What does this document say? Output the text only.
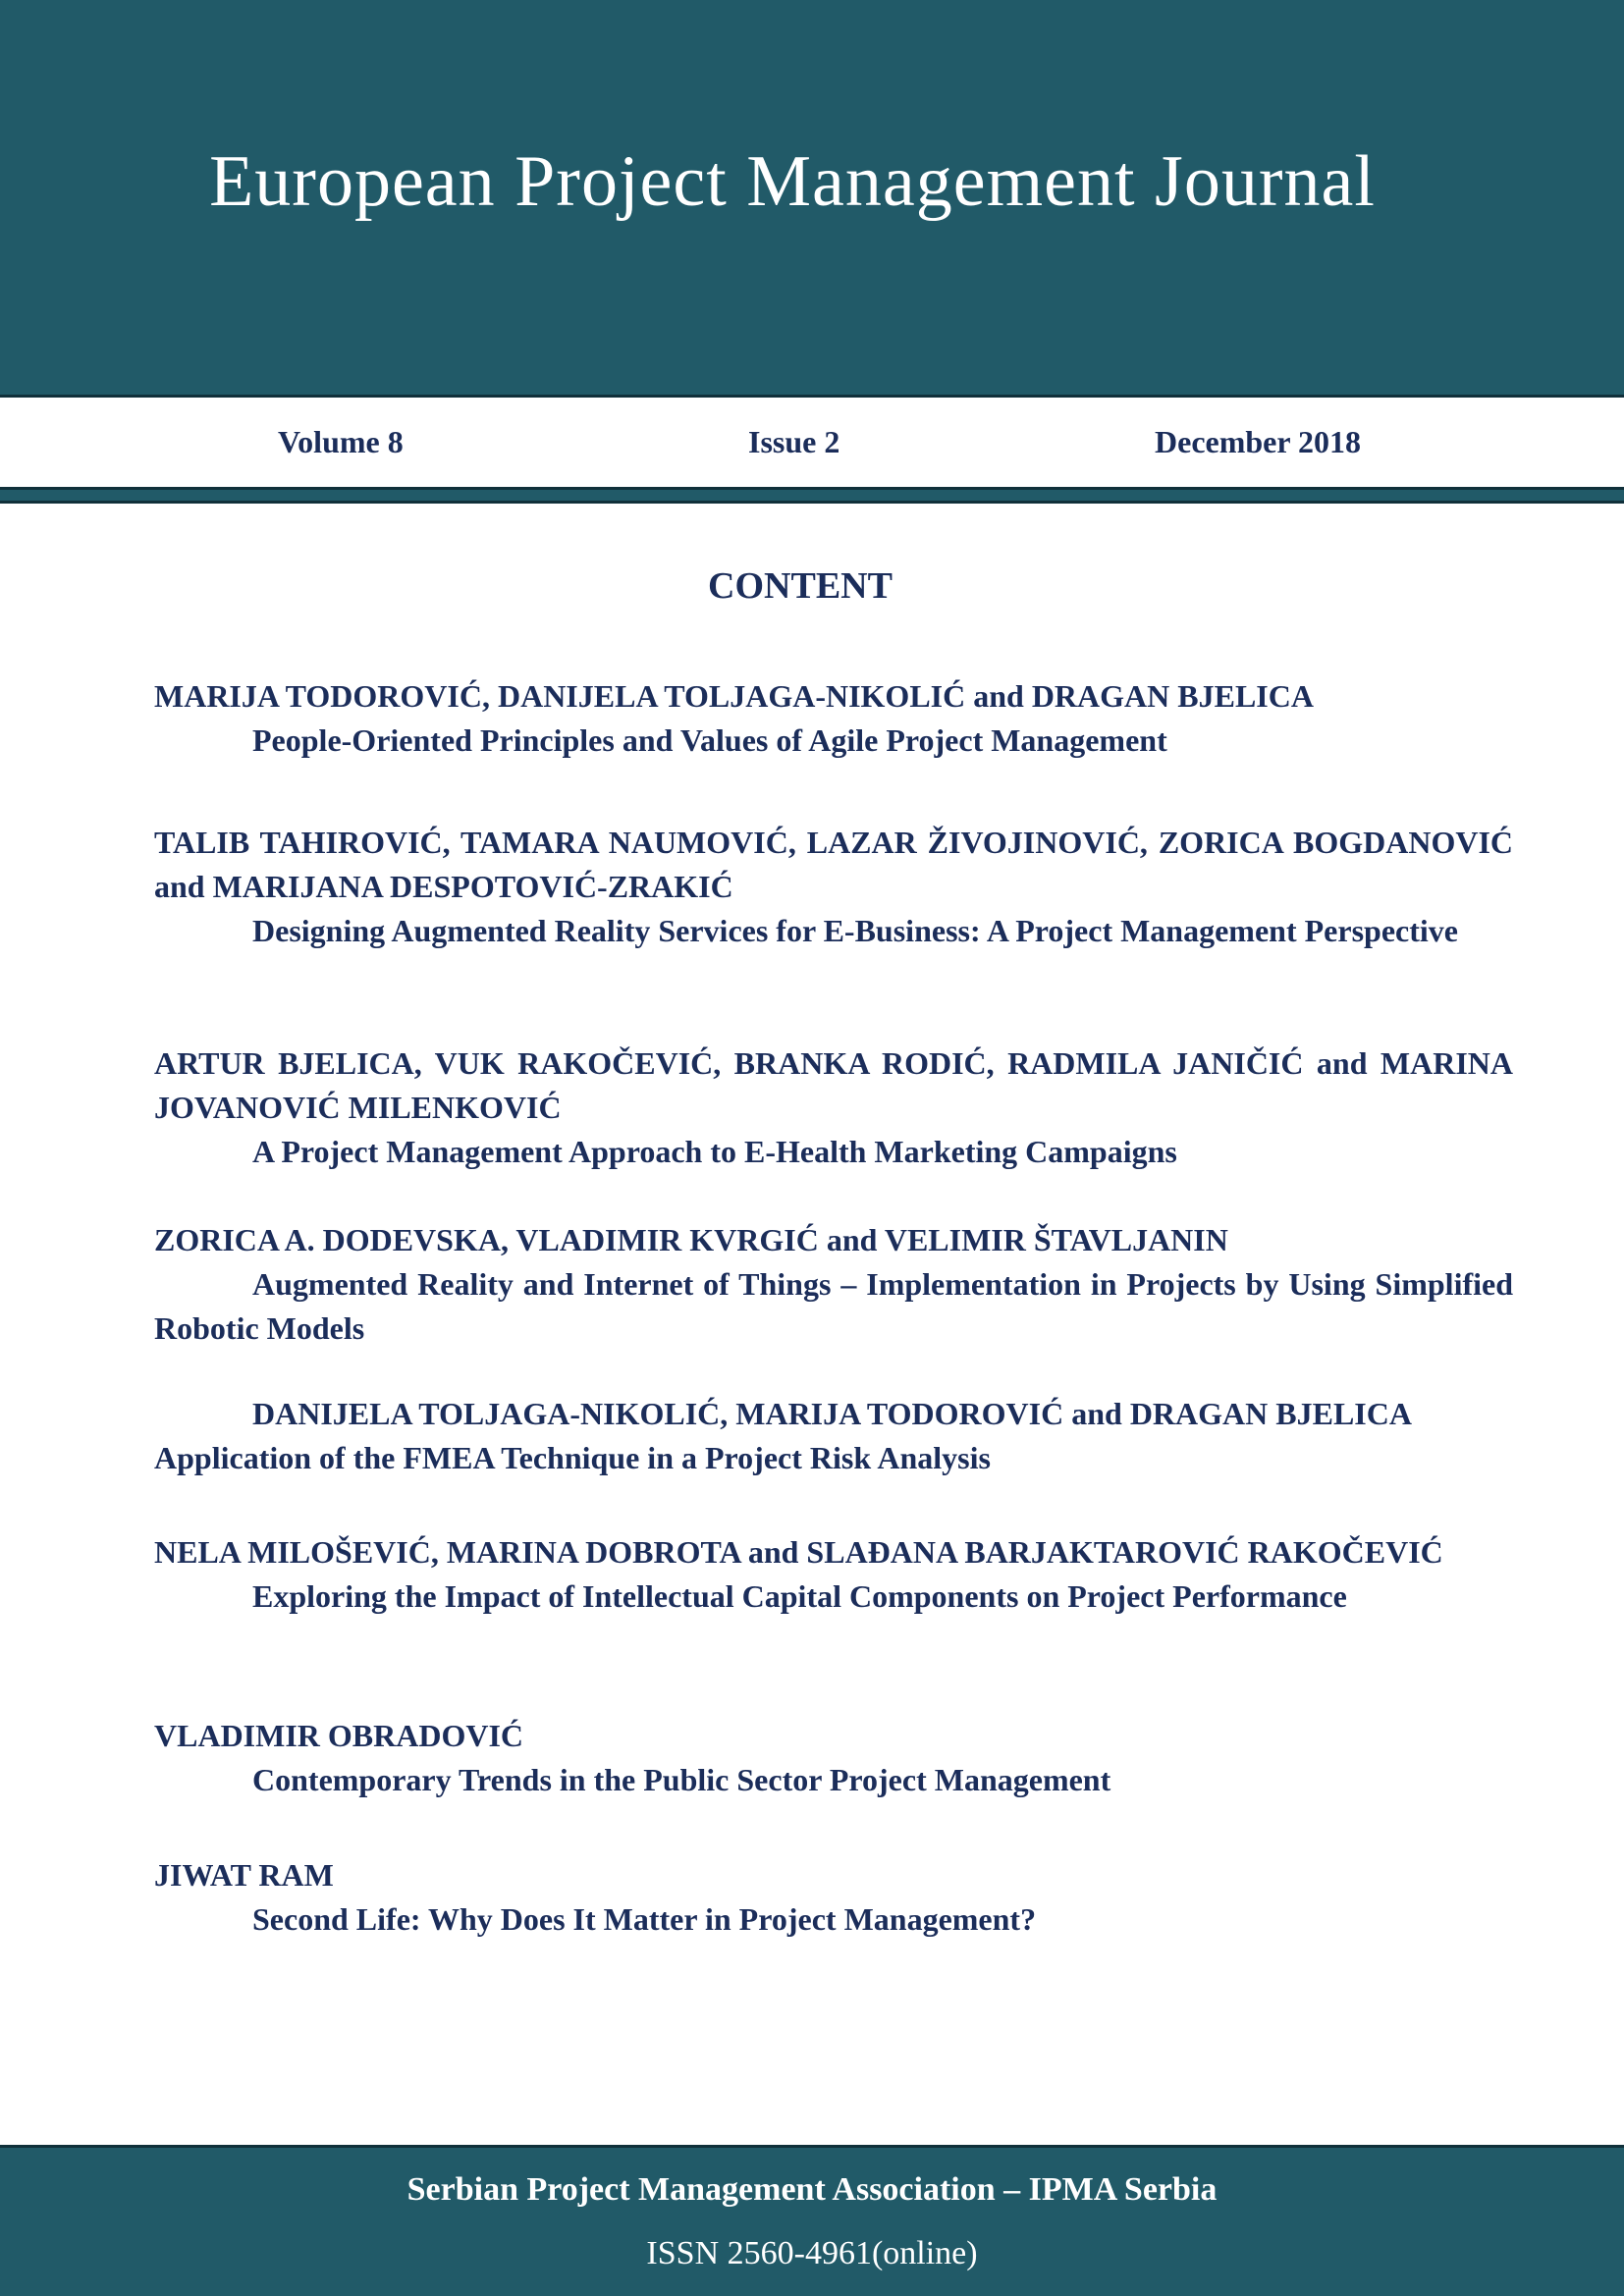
European Project Management Journal
Volume 8	Issue 2	December 2018
CONTENT

MARIJA TODOROVIĆ, DANIJELA TOLJAGA-NIKOLIĆ and DRAGAN BJELICA

People-Oriented Principles and Values of Agile Project Management

TALIB TAHIROVIĆ, TAMARA NAUMOVIĆ, LAZAR ŽIVOJINOVIĆ, ZORICA BOGDANOVIĆ and MARIJANA DESPOTOVIĆ-ZRAKIĆ

Designing Augmented Reality Services for E-Business: A Project Management Perspective

ARTUR BJELICA, VUK RAKOČEVIĆ, BRANKA RODIĆ, RADMILA JANIČIĆ and MARINA JOVANOVIĆ MILENKOVIĆ

A Project Management Approach to E-Health Marketing Campaigns

ZORICA A. DODEVSKA, VLADIMIR KVRGIĆ and VELIMIR ŠTAVLJANIN

Augmented Reality and Internet of Things – Implementation in Projects by Using Simplified Robotic Models

DANIJELA TOLJAGA-NIKOLIĆ, MARIJA TODOROVIĆ and DRAGAN BJELICA

Application of the FMEA Technique in a Project Risk Analysis

NELA MILOŠEVIĆ, MARINA DOBROTA and SLAĐANA BARJAKTAROVIĆ RAKOČEVIĆ

Exploring the Impact of Intellectual Capital Components on Project Performance

VLADIMIR OBRADOVIĆ

Contemporary Trends in the Public Sector Project Management

JIWAT RAM

Second Life: Why Does It Matter in Project Management?

Serbian Project Management Association – IPMA Serbia
ISSN 2560-4961(online)
